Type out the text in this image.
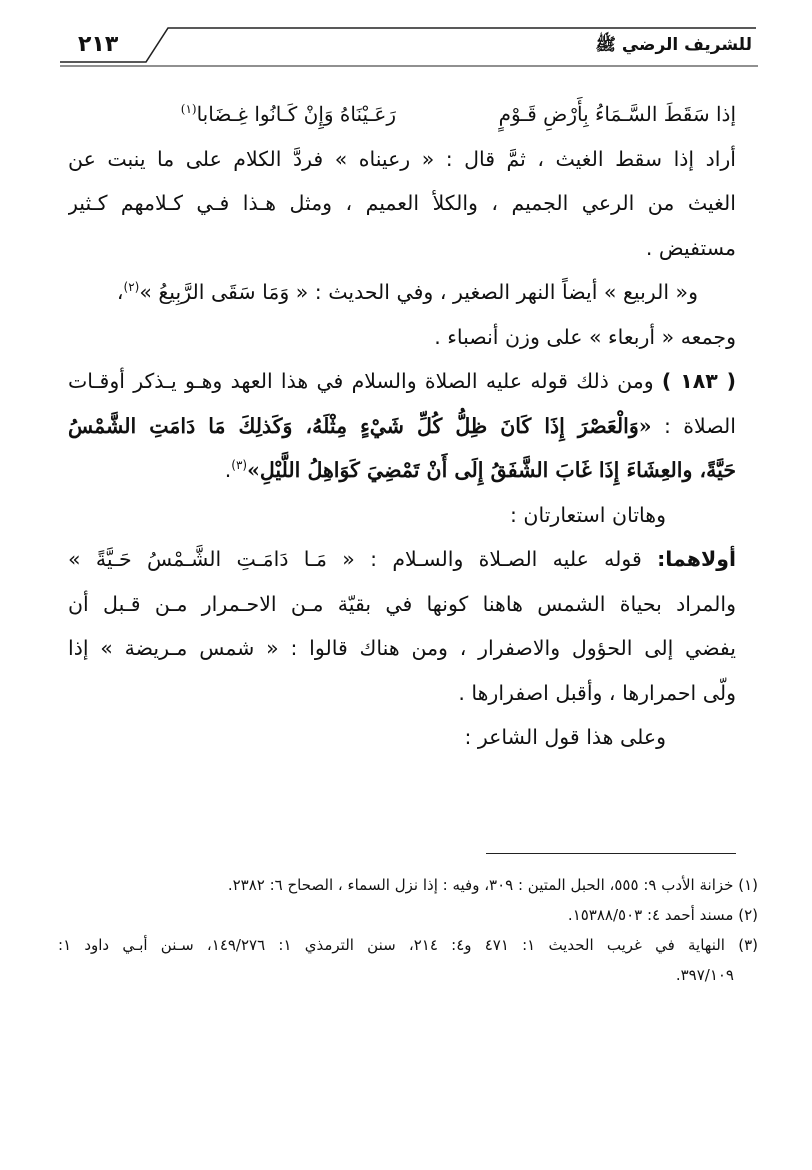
للشريف الرضي ﷺ
٢١٣
إذا سَقَطَ السَّـمَاءُ بِأَرْضِ قَـوْمٍرَعَـيْنَاهُ وَإِنْ كَـانُوا غِـضَابا(١)
أراد إذا سقط الغيث ، ثمَّ قال : « رعيناه » فردَّ الكلام على ما ينبت عن
الغيث من الرعي الجميم ، والكلأ العميم ، ومثل هـذا فـي كـلامهم كـثير
مستفيض .
و« الربيع » أيضاً النهر الصغير ، وفي الحديث : « وَمَا سَقَى الرَّبِيعُ »$^{(٢)}$،
وجمعه « أربعاء » على وزن أنصباء .
( ١٨٣ ) ومن ذلك قوله عليه الصلاة والسلام في هذا العهد وهـو يـذكر أوقـات
الصلاة : «وَالْعَصْرَ إِذَا كَانَ ظِلُّ كُلِّ شَيْءٍ مِثْلَهُ، وَكَذلِكَ مَا دَامَتِ الشَّمْسُ
حَيَّةً، والعِشَاءَ إِذَا غَابَ الشَّفَقُ إِلَى أَنْ تَمْضِيَ كَوَاهِلُ اللَّيْلِ»$^{(٣)}$.
وهاتان استعارتان :
أولاهما: قوله عليه الصـلاة والسـلام : « مَـا دَامَـتِ الشَّـمْسُ حَـيَّةً »
والمراد بحياة الشمس هاهنا كونها في بقيّة مـن الاحـمرار مـن قـبل أن
يفضي إلى الحؤول والاصفرار ، ومن هناك قالوا : « شمس مـريضة » إذا
ولّى احمرارها ، وأقبل اصفرارها .
وعلى هذا قول الشاعر :
(١) خزانة الأدب ٩: ٥٥٥، الحبل المتين : ٣٠٩، وفيه : إذا نزل السماء ، الصحاح ٦: ٢٣٨٢.
(٢) مسند أحمد ٤: ١٥٣٨٨/٥٠٣.
(٣) النهاية في غريب الحديث ١: ٤٧١ و٤: ٢١٤، سنن الترمذي ١: ١٤٩/٢٧٦، سـنن أبـي داود ١:
٣٩٧/١٠٩.
